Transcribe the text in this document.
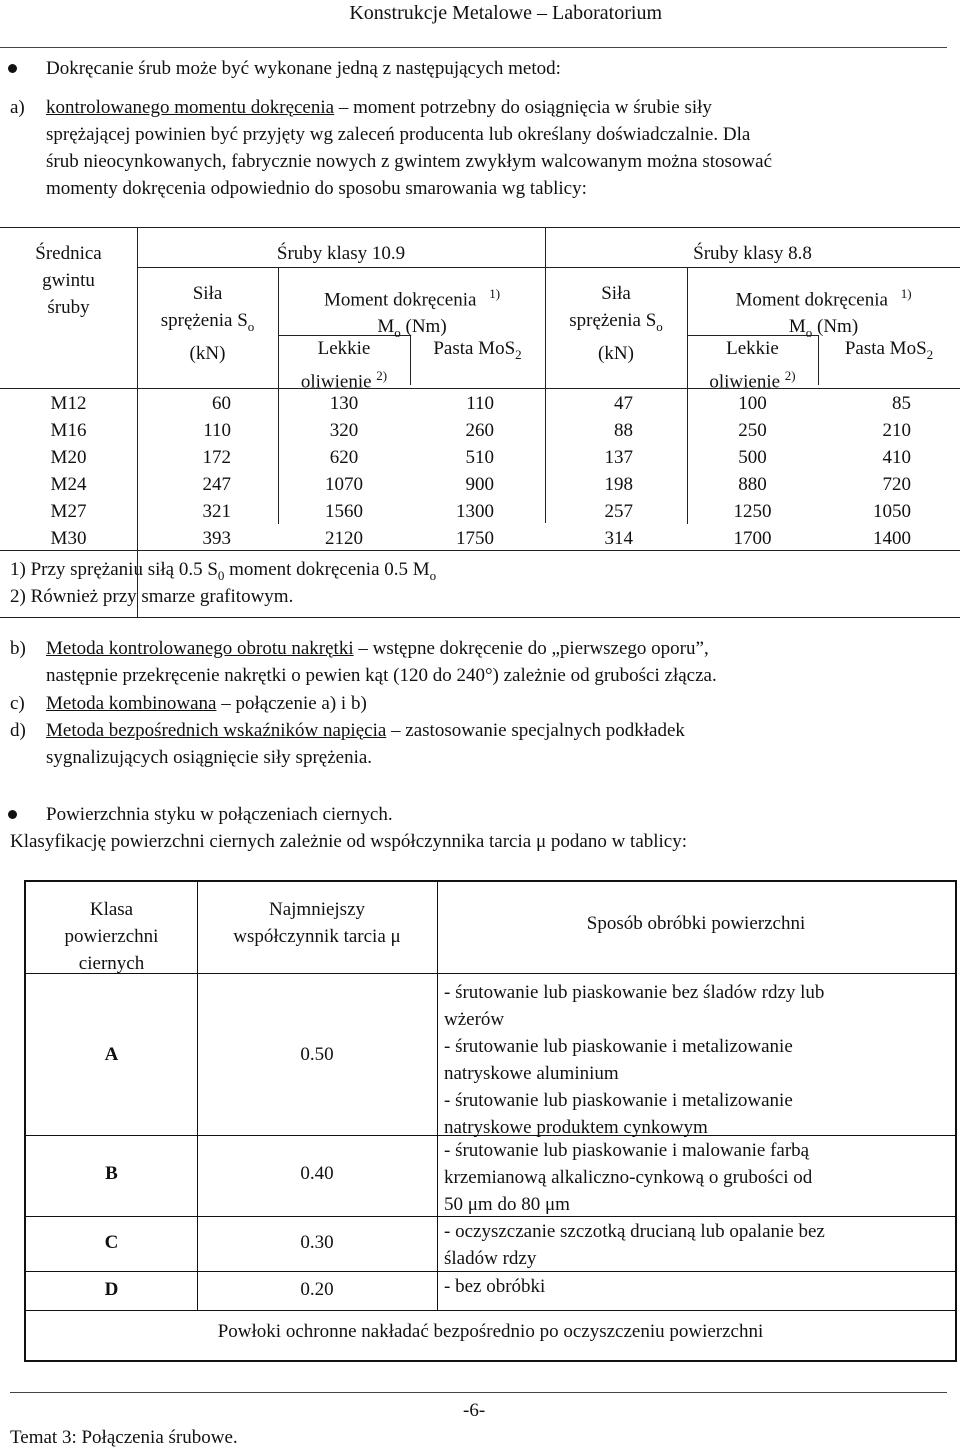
Konstrukcje Metalowe – Laboratorium
Dokręcanie śrub może być wykonane jedną z następujących metod:
a) kontrolowanego momentu dokręcenia – moment potrzebny do osiągnięcia w śrubie siły
sprężającej powinien być przyjęty wg zaleceń producenta lub określany doświadczalnie. Dla
śrub nieocynkowanych, fabrycznie nowych z gwintem zwykłym walcowanym można stosować
momenty dokręcenia odpowiednio do sposobu smarowania wg tablicy:
Średnica
gwintu
śruby
Śruby klasy 10.9	Śruby klasy 8.8
Siła
sprężenia $S_o$
(kN)
Moment dokręcenia $^{1)}$
$M_o$ (Nm)
Lekkie
oliwienie $^{2)}$
Pasta MoS$_2$
Siła
sprężenia $S_o$
(kN)
Moment dokręcenia $^{1)}$
$M_o$ (Nm)
Lekkie
oliwienie $^{2)}$
Pasta MoS$_2$
M12	60	130	110	47	100	85
M16	110	320	260	88	250	210
M20	172	620	510	137	500	410
M24	247	1070	900	198	880	720
M27	321	1560	1300	257	1250	1050
M30	393	2120	1750	314	1700	1400
1) Przy sprężaniu siłą 0.5 $S_0$ moment dokręcenia 0.5 $M_o$
2) Również przy smarze grafitowym.
b) Metoda kontrolowanego obrotu nakrętki – wstępne dokręcenie do „pierwszego oporu”,
następnie przekręcenie nakrętki o pewien kąt (120 do 240°) zależnie od grubości złącza.
c) Metoda kombinowana – połączenie a) i b)
d) Metoda bezpośrednich wskaźników napięcia – zastosowanie specjalnych podkładek
sygnalizujących osiągnięcie siły sprężenia.
Powierzchnia styku w połączeniach ciernych.
Klasyfikację powierzchni ciernych zależnie od współczynnika tarcia μ podano w tablicy:
Klasa
powierzchni
ciernych
Najmniejszy
współczynnik tarcia μ
Sposób obróbki powierzchni
A	0.50
- śrutowanie lub piaskowanie bez śladów rdzy lub
wżerów
- śrutowanie lub piaskowanie i metalizowanie
natryskowe aluminium
- śrutowanie lub piaskowanie i metalizowanie
natryskowe produktem cynkowym
B	0.40
- śrutowanie lub piaskowanie i malowanie farbą
krzemianową alkaliczno-cynkową o grubości od
50 μm do 80 μm
C	0.30
- oczyszczanie szczotką drucianą lub opalanie bez
śladów rdzy
D	0.20	- bez obróbki
Powłoki ochronne nakładać bezpośrednio po oczyszczeniu powierzchni
-6-
Temat 3: Połączenia śrubowe.
